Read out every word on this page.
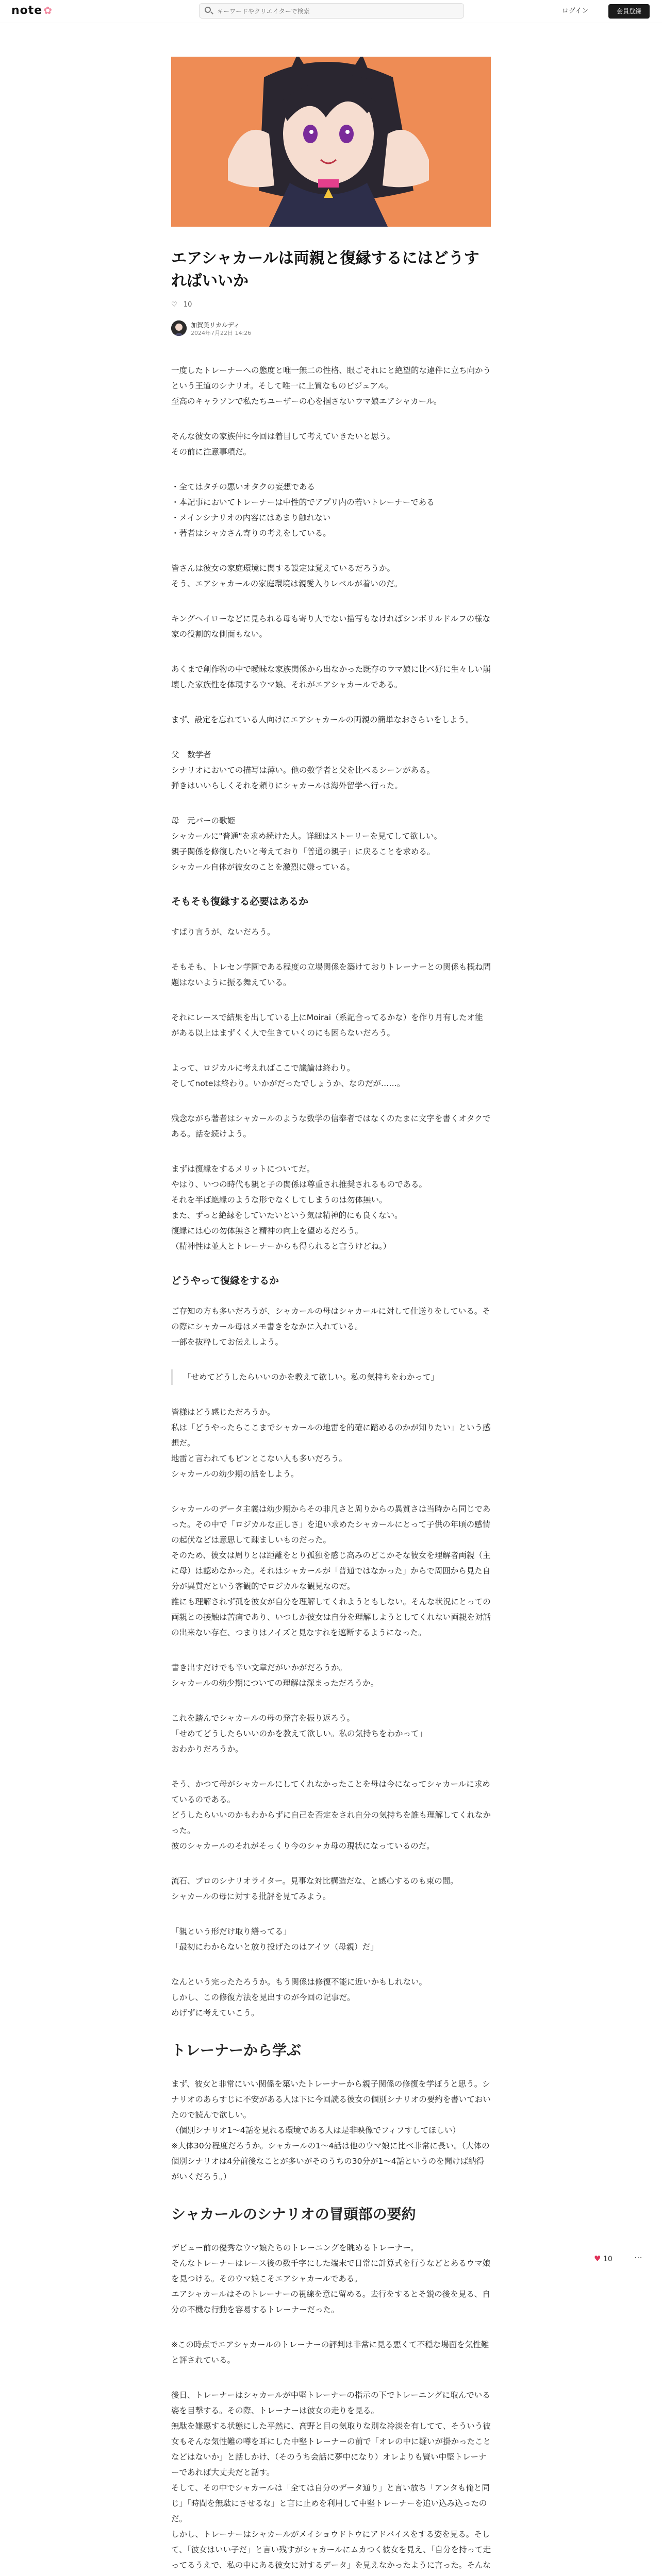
note ✿
キーワードやクリエイターで検索	ログイン	会員登録
エアシャカールは両親と復縁するにはどうすればいいか
♡ 10
加賀美リカルディ
2024年7月22日 14:26

一度したトレーナーへの態度と唯一無二の性格、眼ごそれにと絶望的な違件に立ち向かうという王道のシナリオ。そして唯一に上質なものビジュアル。
至高のキャラソンで私たちユーザーの心を掴さないウマ娘エアシャカール。

そんな彼女の家族仲に今回は着目して考えていきたいと思う。
その前に注意事項だ。

・全てはタチの悪いオタクの妄想である
・本記事においてトレーナーは中性的でアプリ内の若いトレーナーである
・メインシナリオの内容にはあまり触れない
・著者はシャカさん寄りの考えをしている。

皆さんは彼女の家庭環境に関する設定は覚えているだろうか。
そう、エアシャカールの家庭環境は親愛入りレベルが着いのだ。

キングヘイローなどに見られる母も寄り人でない描写もなければシンボリルドルフの様な家の役割的な側面もない。

あくまで創作物の中で曖昧な家族関係から出なかった既存のウマ娘に比べ好に生々しい崩壊した家族性を体現するウマ娘、それがエアシャカールである。

まず、設定を忘れている人向けにエアシャカールの両親の簡単なおさらいをしよう。

父　数学者
シナリオにおいての描写は薄い。他の数学者と父を比べるシーンがある。
弾きはいいらしくそれを頼りにシャカールは海外留学へ行った。

母　元バーの歌姫
シャカールに"普通"を求め続けた人。詳細はストーリーを見てして欲しい。
親子関係を修復したいと考えており「普通の親子」に戻ることを求める。
シャカール自体が彼女のことを激烈に嫌っている。

そもそも復縁する必要はあるか

すぱり言うが、ないだろう。

そもそも、トレセン学園である程度の立場関係を築けておりトレーナーとの関係も概ね問題はないように振る舞えている。

それにレースで結果を出している上にMoirai（系記合ってるかな）を作り月有したオ能がある以上はまずくく人で生きていくのにも困らないだろう。

よって、ロジカルに考えればここで議論は終わり。
そしてnoteは終わり。いかがだったでしょうか、なのだが……。

残念ながら著者はシャカールのような数学の信奉者ではなくのたまに文字を書くオタクである。話を続けよう。

まずは復縁をするメリットについてだ。
やはり、いつの時代も親と子の関係は尊重され推奨されるものである。
それを半ば絶縁のような形でなくしてしまうのは勿体無い。
また、ずっと絶縁をしていたいという気は精神的にも良くない。
復縁には心の勿体無さと精神の向上を望めるだろう。
（精神性は並人とトレーナーからも得られると言うけどね。）

どうやって復縁をするか

ご存知の方も多いだろうが、シャカールの母はシャカールに対して仕送りをしている。その際にシャカール母はメモ書きをなかに入れている。
一部を抜粋してお伝えしよう。

「せめてどうしたらいいのかを教えて欲しい。私の気持ちをわかって」

皆様はどう感じただろうか。
私は「どうやったらここまでシャカールの地雷を的確に踏めるのかが知りたい」という感想だ。
地雷と言われてもピンとこない人も多いだろう。
シャカールの幼少期の話をしよう。

シャカールのデータ主義は幼少期からその非凡さと周りからの異質さは当時から同じであった。その中で「ロジカルな正しさ」を追い求めたシャカールにとって子供の年頃の感情の起伏などは意思して疎ましいものだった。
そのため、彼女は周りとは距離をとり孤独を感じ高みのどこかそな彼女を理解者両親（主に母）は認めなかった。それはシャカールが「普通ではなかった」からで周囲から見た自分が異質だという客観的でロジカルな観見なのだ。
誰にも理解されず孤を彼女が自分を理解してくれようともしない。そんな状況にとっての両親との接触は苦痛であり、いつしか彼女は自分を理解しようとしてくれない両親を対話の出来ない存在、つまりはノイズと見なすれを遮断するようになった。

書き出すだけでも辛い文章だがいかがだろうか。
シャカールの幼少期についての理解は深まっただろうか。

これを踏んでシャカールの母の発言を振り返ろう。
「せめてどうしたらいいのかを教えて欲しい。私の気持ちをわかって」
おわかりだろうか。

そう、かつて母がシャカールにしてくれなかったことを母は今になってシャカールに求めているのである。
どうしたらいいのかもわからずに自己を否定をされ自分の気持ちを誰も理解してくれなかった。
彼のシャカールのそれがそっくり今のシャカ母の現状になっているのだ。

流石、プロのシナリオライター。見事な対比構造だな、と感心するのも束の間。
シャカールの母に対する批評を見てみよう。

「親という形だけ取り繕ってる」
「最初にわからないと放り投げたのはアイツ（母親）だ」

なんという完ったたろうか。もう関係は修復不能に近いかもしれない。
しかし、この修復方法を見出すのが今回の記事だ。
めげずに考えていこう。

トレーナーから学ぶ

まず、彼女と非常にいい関係を築いたトレーナーから親子関係の修復を学ぼうと思う。シナリオのあらすじに不安がある人は下に今回読る彼女の個別シナリオの要約を書いておいたので読んで欲しい。
（個別シナリオ1〜4話を見れる環境である人は是非映像でフィフすしてほしい）
※大体30分程度だろうか。シャカールの1〜4話は他のウマ娘に比べ非常に長い。（大体の個別シナリオは4分前後なことが多いがそのうちの30分が1〜4話というのを聞けば納得がいくだろう。）

シャカールのシナリオの冒頭部の要約

デビュー前の優秀なウマ娘たちのトレーニングを眺めるトレーナー。
そんなトレーナーはレース後の数千字にした端末で日常に計算式を行うなどとあるウマ娘を見つける。そのウマ娘こそエアシャカールである。
エアシャカールはそのトレーナーの視線を意に留める。去行をするとそ鋭の後を見る、自分の不機な行動を容易するトレーナーだった。

※この時点でエアシャカールのトレーナーの評判は非常に見る悪くて不穏な場面を気性難と評されている。

後日、トレーナーはシャカールが中堅トレーナーの指示の下でトレーニングに取んでいる姿を目撃する。その際、トレーナーは彼女の走りを見る。
無駄を嫌悪する状態にした平然に、高野と目の気取りな別な冷淡を有してて、そういう彼女もそんな気性難の噂を耳にした中堅トレーナーの前で「オレの中に疑いが掛かったことなどはないか」と話しかけ、（そのうち会話に夢中になり）オレよりも賢い中堅トレーナーであれば大丈夫だと話す。
そして、その中でシャカールは「全ては自分のデータ通り」と言い放ち「アンタも俺と同じ」「時間を無駄にさせるな」と言に止めを利用して中堅トレーナーを追い込み込ったのだ。
しかし、トレーナーはシャカールがメイショウドトウにアドバイスをする姿を見る。そして、「彼女はいい子だ」と言い残すがシャカールにムカつく彼女を見え、「自分を持って走ってるうえで、私の中にある彼女に対するデータ」を見えなかったように言った。そんな

♥ 10	⋯
